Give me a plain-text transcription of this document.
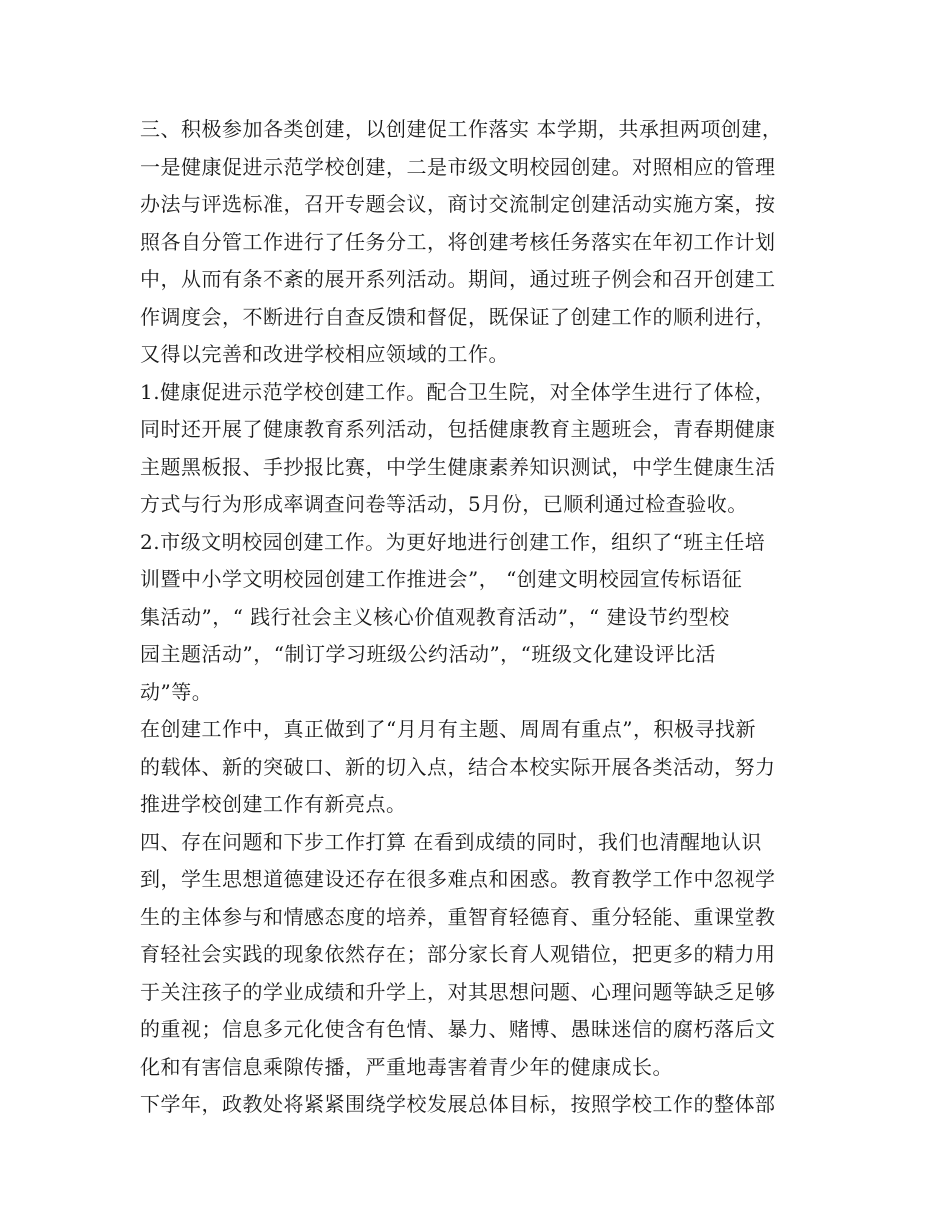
三、积极参加各类创建，以创建促工作落实 本学期，共承担两项创建，
一是健康促进示范学校创建，二是市级文明校园创建。对照相应的管理
办法与评选标准，召开专题会议，商讨交流制定创建活动实施方案，按
照各自分管工作进行了任务分工，将创建考核任务落实在年初工作计划
中，从而有条不紊的展开系列活动。期间，通过班子例会和召开创建工
作调度会，不断进行自查反馈和督促，既保证了创建工作的顺利进行，
又得以完善和改进学校相应领域的工作。
1.健康促进示范学校创建工作。配合卫生院，对全体学生进行了体检，
同时还开展了健康教育系列活动，包括健康教育主题班会，青春期健康
主题黑板报、手抄报比赛，中学生健康素养知识测试，中学生健康生活
方式与行为形成率调查问卷等活动，5月份，已顺利通过检查验收。
2.市级文明校园创建工作。为更好地进行创建工作，组织了“班主任培
训暨中小学文明校园创建工作推进会”， “创建文明校园宣传标语征
集活动”，“ 践行社会主义核心价值观教育活动”，“ 建设节约型校
园主题活动”，“制订学习班级公约活动”，“班级文化建设评比活
动”等。
在创建工作中，真正做到了“月月有主题、周周有重点”，积极寻找新
的载体、新的突破口、新的切入点，结合本校实际开展各类活动，努力
推进学校创建工作有新亮点。
四、存在问题和下步工作打算 在看到成绩的同时，我们也清醒地认识
到，学生思想道德建设还存在很多难点和困惑。教育教学工作中忽视学
生的主体参与和情感态度的培养，重智育轻德育、重分轻能、重课堂教
育轻社会实践的现象依然存在；部分家长育人观错位，把更多的精力用
于关注孩子的学业成绩和升学上，对其思想问题、心理问题等缺乏足够
的重视；信息多元化使含有色情、暴力、赌博、愚昧迷信的腐朽落后文
化和有害信息乘隙传播，严重地毒害着青少年的健康成长。
下学年，政教处将紧紧围绕学校发展总体目标，按照学校工作的整体部
